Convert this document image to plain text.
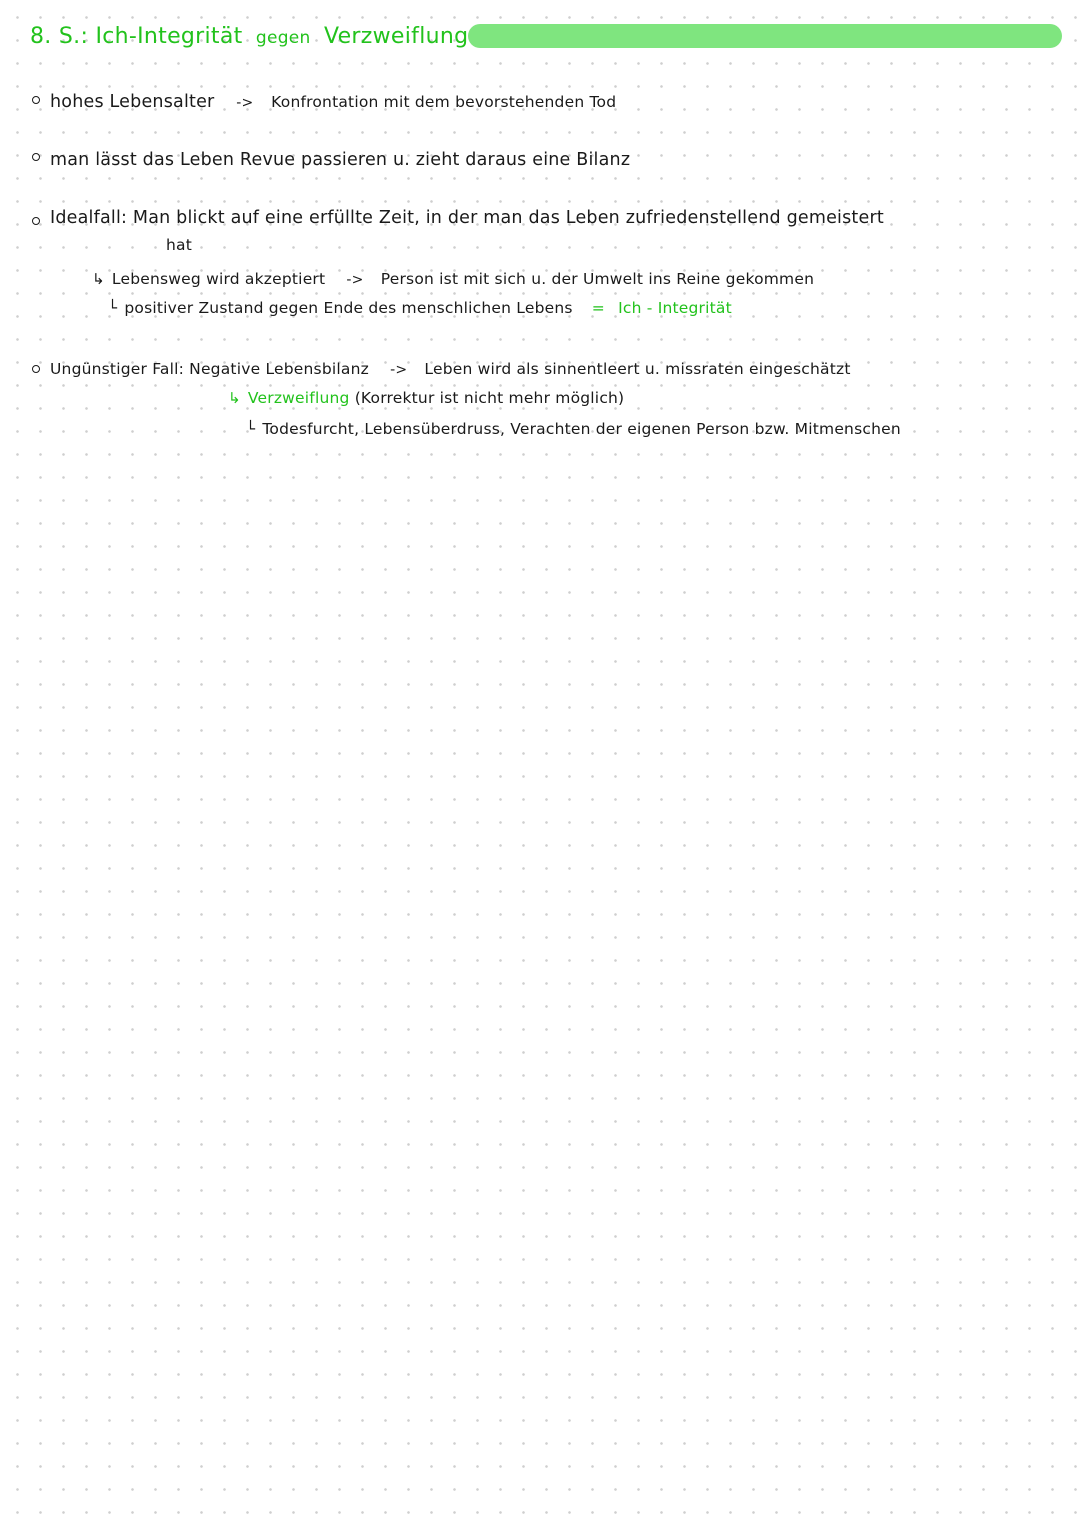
8. S.: Ich-Integrität gegen Verzweiflung
hohes Lebensalter -> Konfrontation mit dem bevorstehenden Tod
man lässt das Leben Revue passieren u. zieht daraus eine Bilanz
Idealfall: Man blickt auf eine erfüllte Zeit, in der man das Leben zufriedenstellend gemeistert
hat
↳ Lebensweg wird akzeptiert -> Person ist mit sich u. der Umwelt ins Reine gekommen
└ positiver Zustand gegen Ende des menschlichen Lebens = Ich - Integrität
Ungünstiger Fall: Negative Lebensbilanz -> Leben wird als sinnentleert u. missraten eingeschätzt
↳ Verzweiflung (Korrektur ist nicht mehr möglich)
└ Todesfurcht, Lebensüberdruss, Verachten der eigenen Person bzw. Mitmenschen
